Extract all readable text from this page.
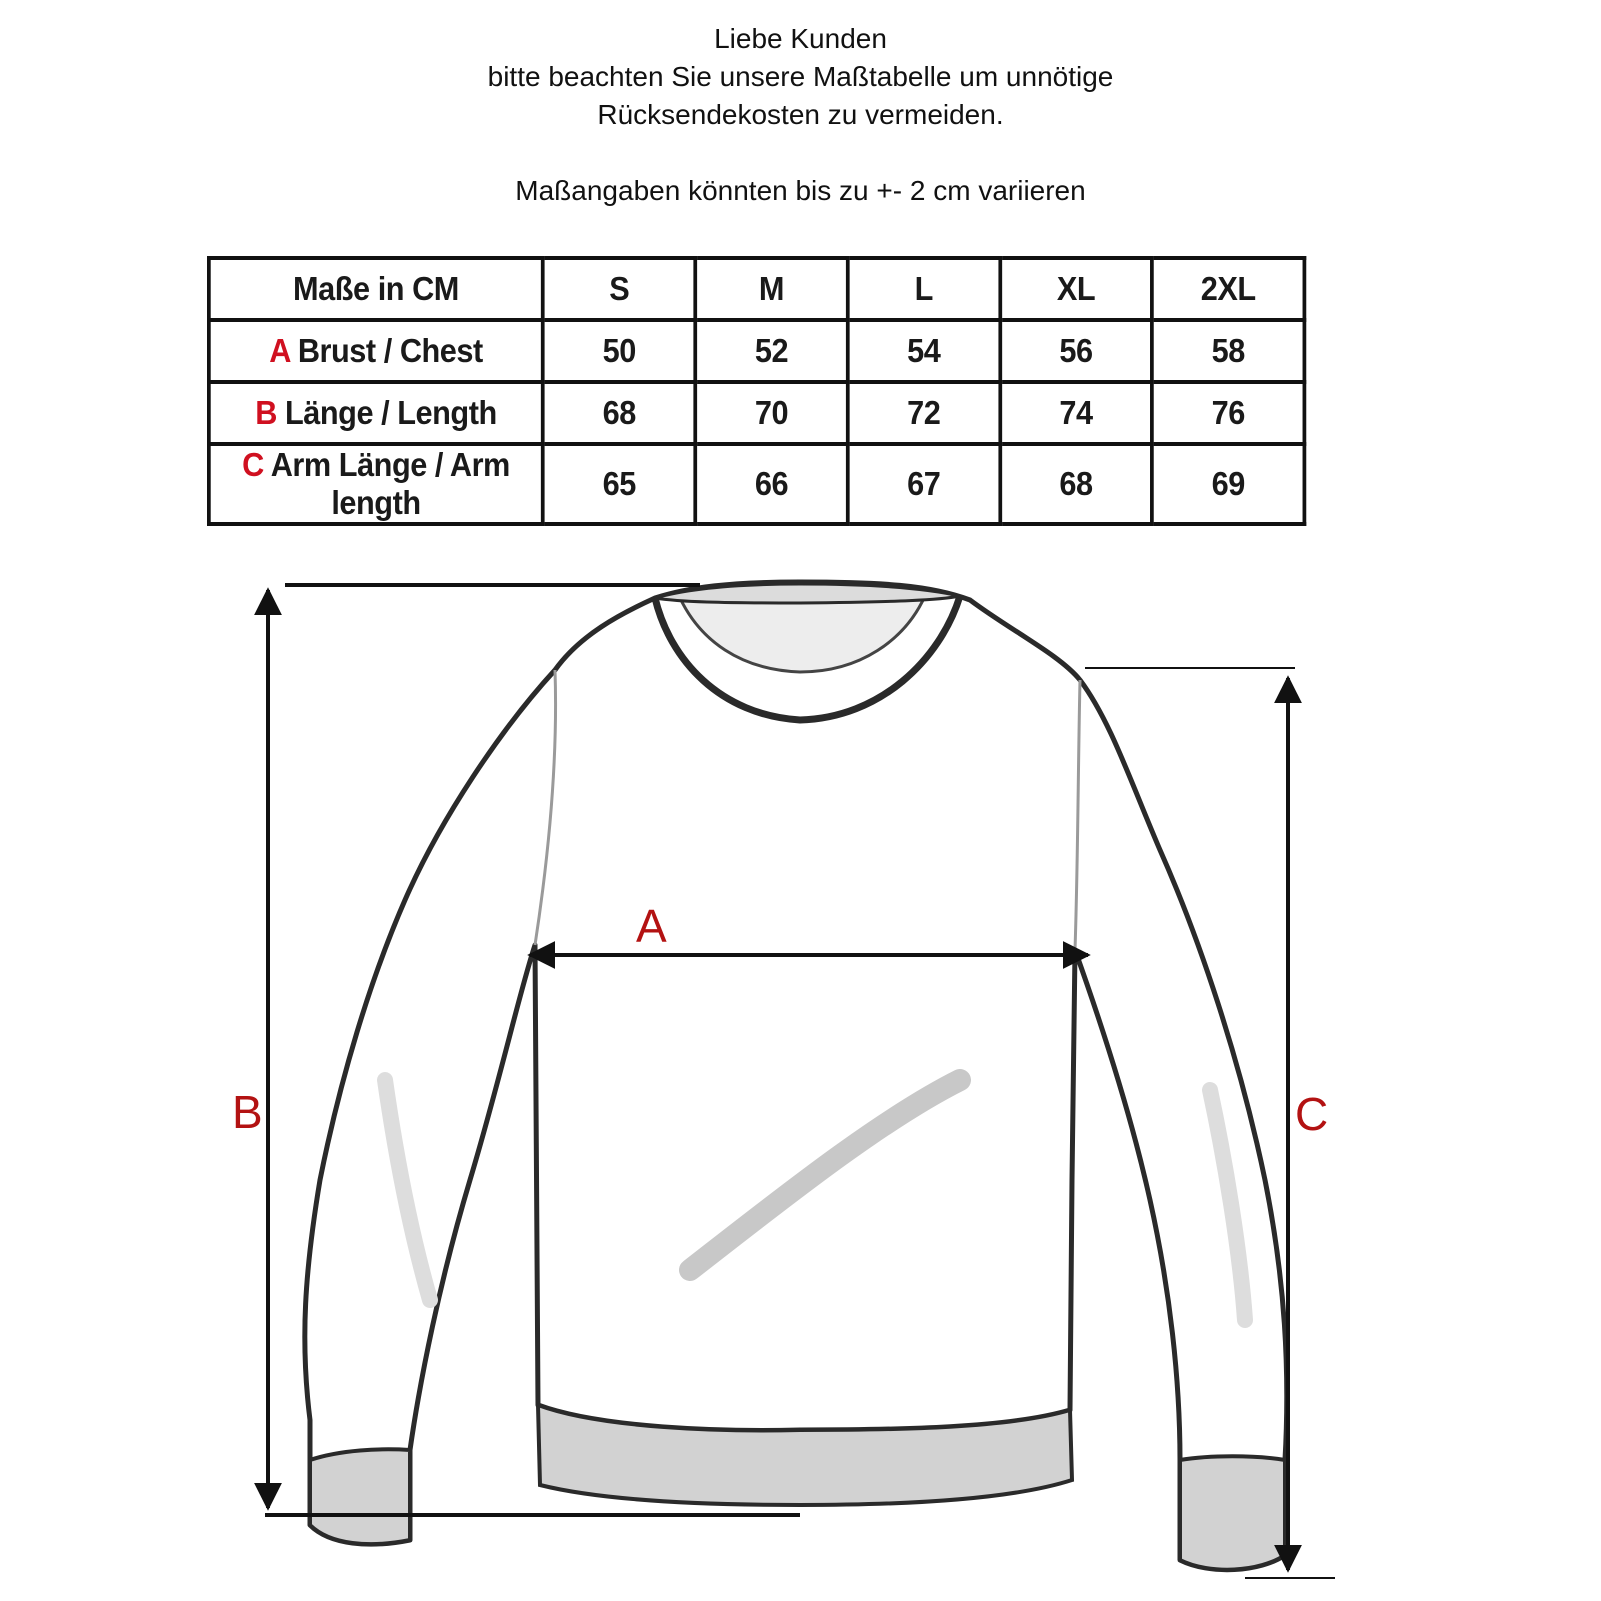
Liebe Kunden
bitte beachten Sie unsere Maßtabelle um unnötige
Rücksendekosten zu vermeiden.
Maßangaben könnten bis zu +- 2 cm variieren
Maße in CM	S	M	L	XL	2XL
A Brust / Chest	50	52	54	56	58
B Länge / Length	68	70	72	74	76
C Arm Länge / Arm length	65	66	67	68	69
A
B	C
